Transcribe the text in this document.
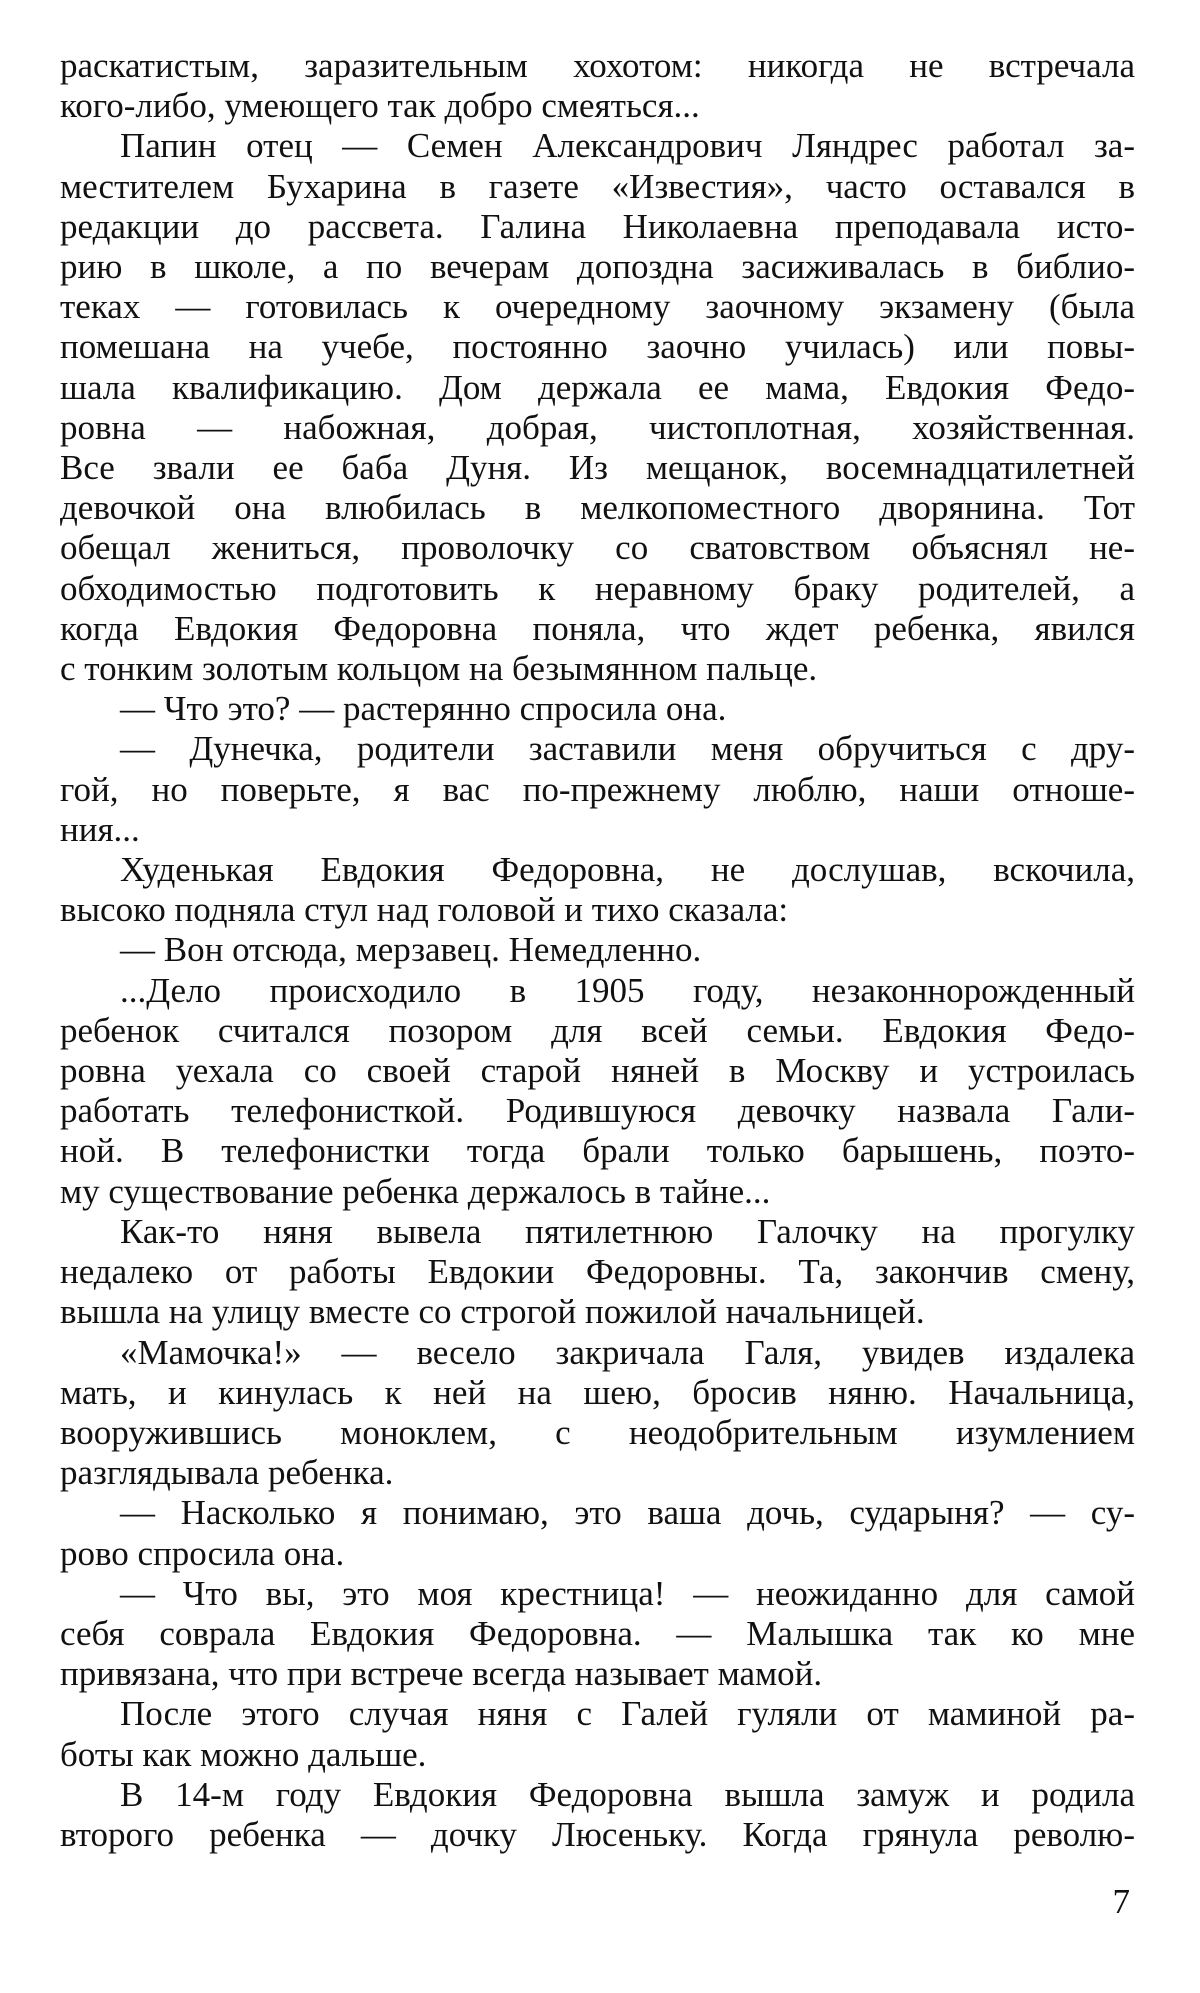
раскатистым, заразительным хохотом: никогда не встречала
кого-либо, умеющего так добро смеяться...
Папин отец — Семен Александрович Ляндрес работал за-
местителем Бухарина в газете «Известия», часто оставался в
редакции до рассвета. Галина Николаевна преподавала исто-
рию в школе, а по вечерам допоздна засиживалась в библио-
теках — готовилась к очередному заочному экзамену (была
помешана на учебе, постоянно заочно училась) или повы-
шала квалификацию. Дом держала ее мама, Евдокия Федо-
ровна — набожная, добрая, чистоплотная, хозяйственная.
Все звали ее баба Дуня. Из мещанок, восемнадцатилетней
девочкой она влюбилась в мелкопоместного дворянина. Тот
обещал жениться, проволочку со сватовством объяснял не-
обходимостью подготовить к неравному браку родителей, а
когда Евдокия Федоровна поняла, что ждет ребенка, явился
с тонким золотым кольцом на безымянном пальце.
— Что это? — растерянно спросила она.
— Дунечка, родители заставили меня обручиться с дру-
гой, но поверьте, я вас по-прежнему люблю, наши отноше-
ния...
Худенькая Евдокия Федоровна, не дослушав, вскочила,
высоко подняла стул над головой и тихо сказала:
— Вон отсюда, мерзавец. Немедленно.
...Дело происходило в 1905 году, незаконнорожденный
ребенок считался позором для всей семьи. Евдокия Федо-
ровна уехала со своей старой няней в Москву и устроилась
работать телефонисткой. Родившуюся девочку назвала Гали-
ной. В телефонистки тогда брали только барышень, поэто-
му существование ребенка держалось в тайне...
Как-то няня вывела пятилетнюю Галочку на прогулку
недалеко от работы Евдокии Федоровны. Та, закончив смену,
вышла на улицу вместе со строгой пожилой начальницей.
«Мамочка!» — весело закричала Галя, увидев издалека
мать, и кинулась к ней на шею, бросив няню. Начальница,
вооружившись моноклем, с неодобрительным изумлением
разглядывала ребенка.
— Насколько я понимаю, это ваша дочь, сударыня? — су-
рово спросила она.
— Что вы, это моя крестница! — неожиданно для самой
себя соврала Евдокия Федоровна. — Малышка так ко мне
привязана, что при встрече всегда называет мамой.
После этого случая няня с Галей гуляли от маминой ра-
боты как можно дальше.
В 14-м году Евдокия Федоровна вышла замуж и родила
второго ребенка — дочку Люсеньку. Когда грянула револю-
7
